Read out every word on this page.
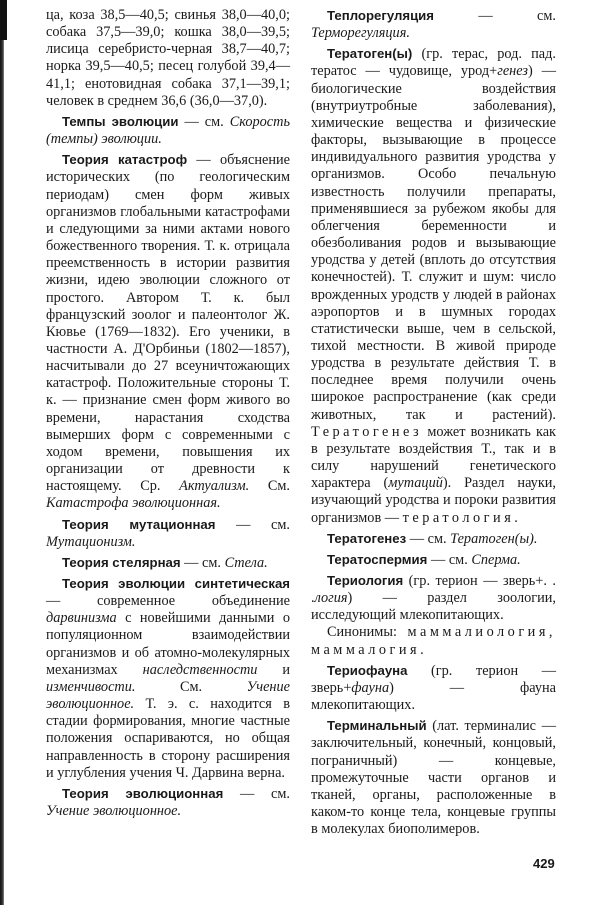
ца, коза 38,5—40,5; свинья 38,0—40,0; собака 37,5—39,0; кошка 38,0—39,5; лисица серебристо-черная 38,7—40,7; норка 39,5—40,5; песец голубой 39,4—41,1; енотовидная собака 37,1—39,1; человек в среднем 36,6 (36,0—37,0).

Темпы эволюции — см. Скорость (темпы) эволюции.

Теория катастроф — объяснение исторических (по геологическим периодам) смен форм живых организмов глобальными катастрофами и следующими за ними актами нового божественного творения. Т. к. отрицала преемственность в истории развития жизни, идею эволюции сложного от простого. Автором Т. к. был французский зоолог и палеонтолог Ж. Кювье (1769—1832). Его ученики, в частности А. Д'Орбиньи (1802—1857), насчитывали до 27 всеуничтожающих катастроф. Положительные стороны Т. к. — признание смен форм живого во времени, нарастания сходства вымерших форм с современными с ходом времени, повышения их организации от древности к настоящему. Ср. Актуализм. См. Катастрофа эволюционная.

Теория мутационная — см. Мутационизм.

Теория стелярная — см. Стела.

Теория эволюции синтетическая — современное объединение дарвинизма с новейшими данными о популяционном взаимодействии организмов и об атомно-молекулярных механизмах наследственности и изменчивости. См. Учение эволюционное. Т. э. с. находится в стадии формирования, многие частные положения оспариваются, но общая направленность в сторону расширения и углубления учения Ч. Дарвина верна.

Теория эволюционная — см. Учение эволюционное.

Теплорегуляция — см. Терморегуляция.

Тератоген(ы) (гр. терас, род. пад. тератос — чудовище, урод+генез) — биологические воздействия (внутриутробные заболевания), химические вещества и физические факторы, вызывающие в процессе индивидуального развития уродства у организмов. Особо печальную известность получили препараты, применявшиеся за рубежом якобы для облегчения беременности и обезболивания родов и вызывающие уродства у детей (вплоть до отсутствия конечностей). Т. служит и шум: число врожденных уродств у людей в районах аэропортов и в шумных городах статистически выше, чем в сельской, тихой местности. В живой природе уродства в результате действия Т. в последнее время получили очень широкое распространение (как среди животных, так и растений). Тератогенез может возникать как в результате воздействия Т., так и в силу нарушений генетического характера (мутаций). Раздел науки, изучающий уродства и пороки развития организмов — тератология.

Тератогенез — см. Тератоген(ы).

Тератоспермия — см. Сперма.

Териология (гр. терион — зверь+. . .логия) — раздел зоологии, исследующий млекопитающих.

Синонимы: маммалиология, маммалогия.

Териофауна (гр. терион — зверь+фауна) — фауна млекопитающих.

Терминальный (лат. терминалис — заключительный, конечный, концовый, пограничный) — концевые, промежуточные части органов и тканей, органы, расположенные в каком-то конце тела, концевые группы в молекулах биополимеров.

429
